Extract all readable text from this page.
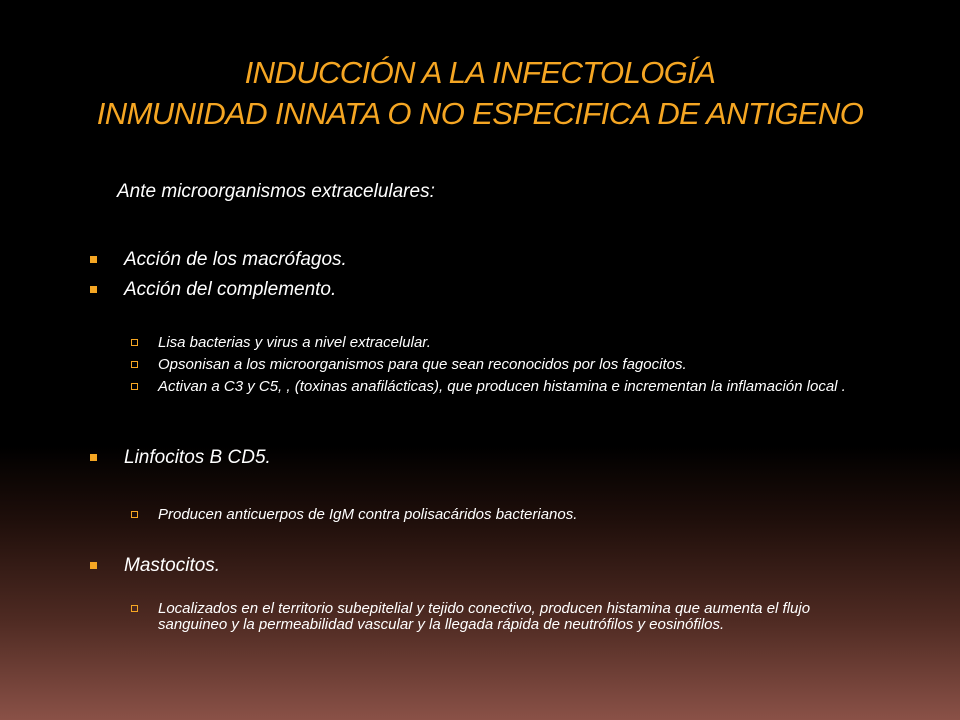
INDUCCIÓN A LA INFECTOLOGÍA
INMUNIDAD INNATA O NO ESPECIFICA DE ANTIGENO
Ante microorganismos extracelulares:
Acción de los macrófagos.
Acción del complemento.
Lisa bacterias y virus a nivel extracelular.
Opsonisan a los microorganismos para que sean reconocidos por los fagocitos.
Activan a C3 y C5, , (toxinas anafilácticas), que producen histamina e incrementan la inflamación local .
Linfocitos B CD5.
Producen anticuerpos de IgM contra polisacáridos bacterianos.
Mastocitos.
Localizados en el territorio subepitelial y tejido conectivo, producen histamina que aumenta el flujo sanguineo y la permeabilidad vascular y la llegada rápida de neutrófilos y eosinófilos.
